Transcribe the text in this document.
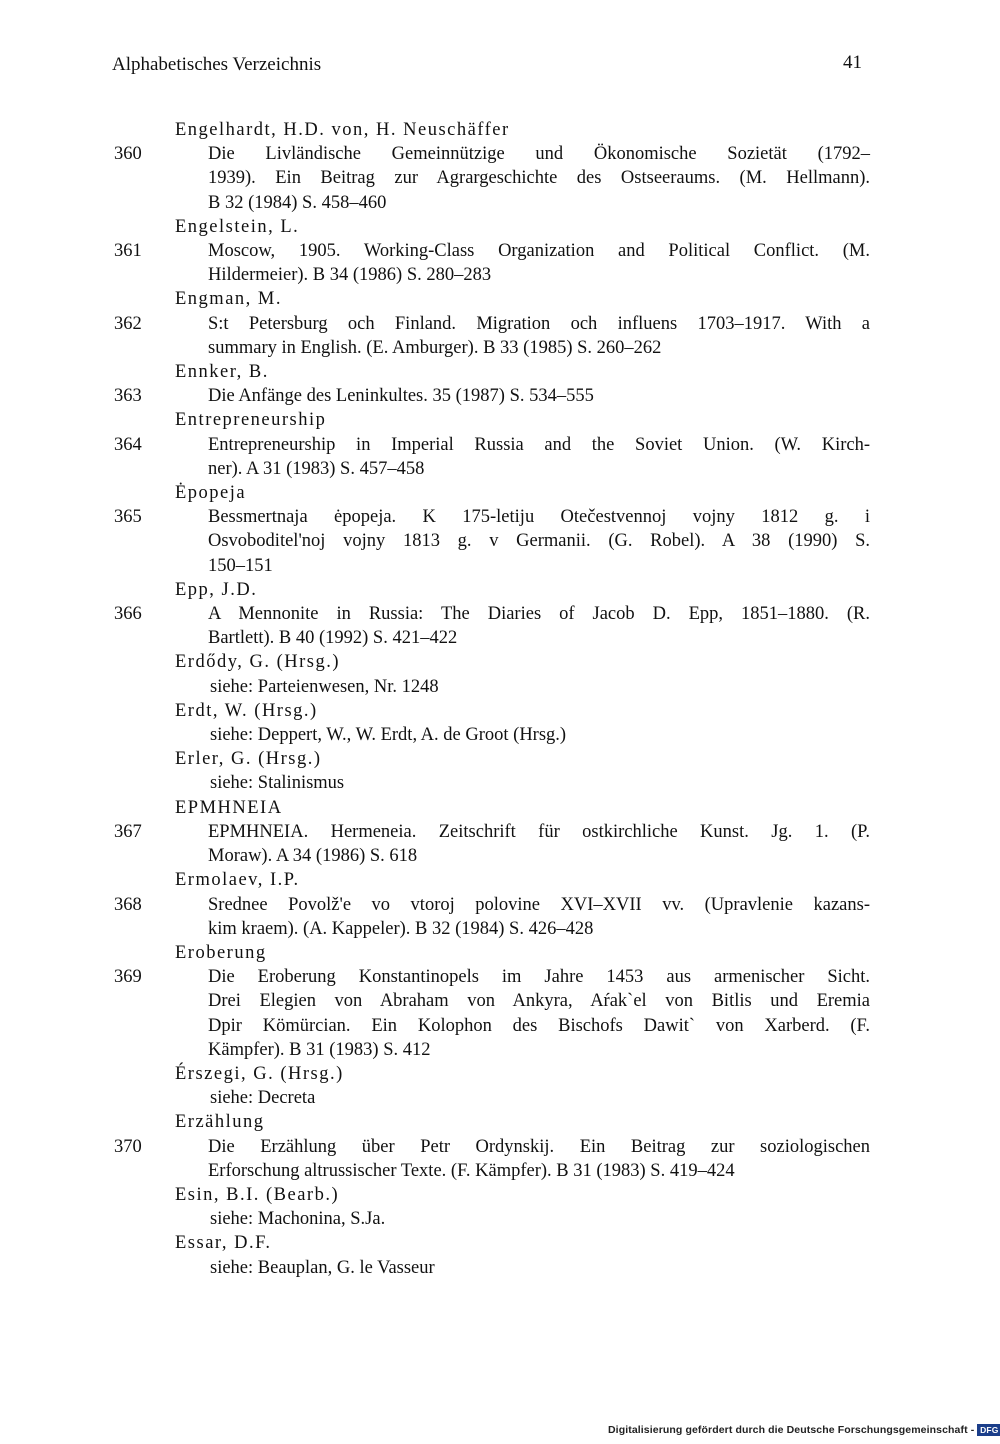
Alphabetisches Verzeichnis	41
Engelhardt, H.D. von, H. Neuschäffer
360	Die Livländische Gemeinnützige und Ökonomische Sozietät (1792–
1939). Ein Beitrag zur Agrargeschichte des Ostseeraums. (M. Hellmann).
B 32 (1984) S. 458–460
Engelstein, L.
361	Moscow, 1905. Working-Class Organization and Political Conflict. (M.
Hildermeier). B 34 (1986) S. 280–283
Engman, M.
362	S:t Petersburg och Finland. Migration och influens 1703–1917. With a
summary in English. (E. Amburger). B 33 (1985) S. 260–262
Ennker, B.
363	Die Anfänge des Leninkultes. 35 (1987) S. 534–555
Entrepreneurship
364	Entrepreneurship in Imperial Russia and the Soviet Union. (W. Kirch-
ner). A 31 (1983) S. 457–458
Ėpopeja
365	Bessmertnaja ėpopeja. K 175-letiju Otečestvennoj vojny 1812 g. i
Osvoboditel'noj vojny 1813 g. v Germanii. (G. Robel). A 38 (1990) S.
150–151
Epp, J.D.
366	A Mennonite in Russia: The Diaries of Jacob D. Epp, 1851–1880. (R.
Bartlett). B 40 (1992) S. 421–422
Erdődy, G. (Hrsg.)
siehe: Parteienwesen, Nr. 1248
Erdt, W. (Hrsg.)
siehe: Deppert, W., W. Erdt, A. de Groot (Hrsg.)
Erler, G. (Hrsg.)
siehe: Stalinismus
EPMHNEIA
367	EPMHNEIA. Hermeneia. Zeitschrift für ostkirchliche Kunst. Jg. 1. (P.
Moraw). A 34 (1986) S. 618
Ermolaev, I.P.
368	Srednee Povolž'e vo vtoroj polovine XVI–XVII vv. (Upravlenie kazans-
kim kraem). (A. Kappeler). B 32 (1984) S. 426–428
Eroberung
369	Die Eroberung Konstantinopels im Jahre 1453 aus armenischer Sicht.
Drei Elegien von Abraham von Ankyra, Aŕak`el von Bitlis und Eremia
Dpir Kömürcian. Ein Kolophon des Bischofs Dawit` von Xarberd. (F.
Kämpfer). B 31 (1983) S. 412
Érszegi, G. (Hrsg.)
siehe: Decreta
Erzählung
370	Die Erzählung über Petr Ordynskij. Ein Beitrag zur soziologischen
Erforschung altrussischer Texte. (F. Kämpfer). B 31 (1983) S. 419–424
Esin, B.I. (Bearb.)
siehe: Machonina, S.Ja.
Essar, D.F.
siehe: Beauplan, G. le Vasseur
Digitalisierung gefördert durch die Deutsche Forschungsgemeinschaft - DFG
